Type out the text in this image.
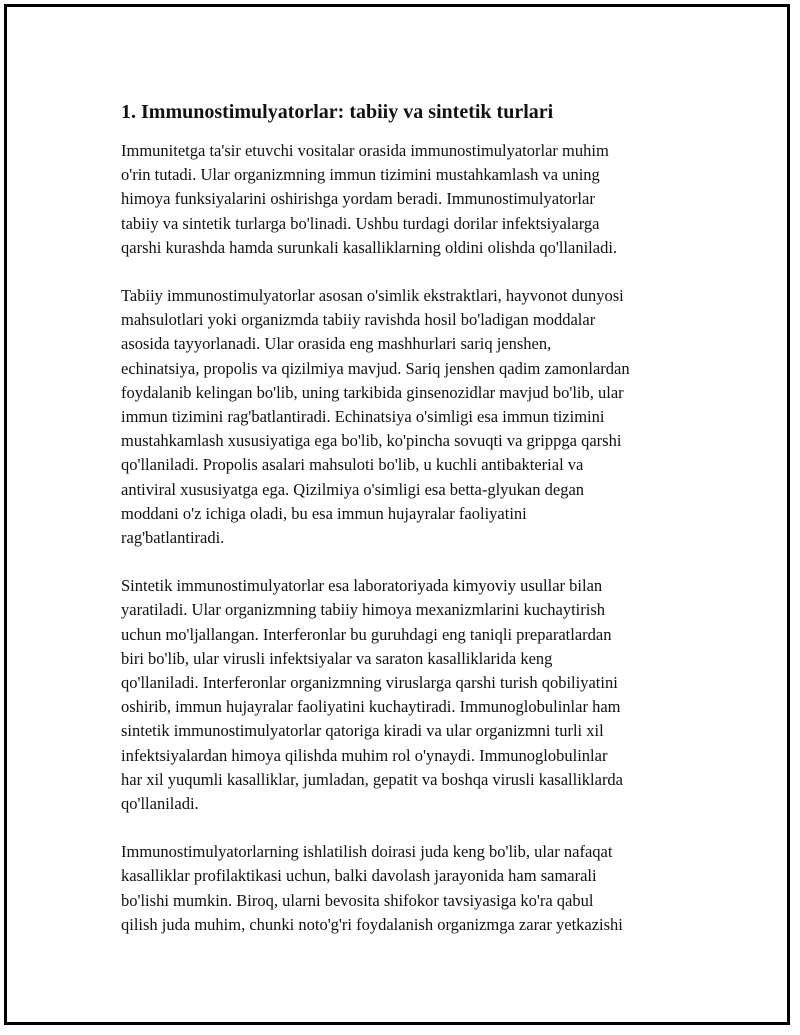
1. Immunostimulyatorlar: tabiiy va sintetik turlari

Immunitetga ta'sir etuvchi vositalar orasida immunostimulyatorlar muhim
o'rin tutadi. Ular organizmning immun tizimini mustahkamlash va uning
himoya funksiyalarini oshirishga yordam beradi. Immunostimulyatorlar
tabiiy va sintetik turlarga bo'linadi. Ushbu turdagi dorilar infektsiyalarga
qarshi kurashda hamda surunkali kasalliklarning oldini olishda qo'llaniladi.

Tabiiy immunostimulyatorlar asosan o'simlik ekstraktlari, hayvonot dunyosi
mahsulotlari yoki organizmda tabiiy ravishda hosil bo'ladigan moddalar
asosida tayyorlanadi. Ular orasida eng mashhurlari sariq jenshen,
echinatsiya, propolis va qizilmiya mavjud. Sariq jenshen qadim zamonlardan
foydalanib kelingan bo'lib, uning tarkibida ginsenozidlar mavjud bo'lib, ular
immun tizimini rag'batlantiradi. Echinatsiya o'simligi esa immun tizimini
mustahkamlash xususiyatiga ega bo'lib, ko'pincha sovuqti va grippga qarshi
qo'llaniladi. Propolis asalari mahsuloti bo'lib, u kuchli antibakterial va
antiviral xususiyatga ega. Qizilmiya o'simligi esa betta-glyukan degan
moddani o'z ichiga oladi, bu esa immun hujayralar faoliyatini
rag'batlantiradi.

Sintetik immunostimulyatorlar esa laboratoriyada kimyoviy usullar bilan
yaratiladi. Ular organizmning tabiiy himoya mexanizmlarini kuchaytirish
uchun mo'ljallangan. Interferonlar bu guruhdagi eng taniqli preparatlardan
biri bo'lib, ular virusli infektsiyalar va saraton kasalliklarida keng
qo'llaniladi. Interferonlar organizmning viruslarga qarshi turish qobiliyatini
oshirib, immun hujayralar faoliyatini kuchaytiradi. Immunoglobulinlar ham
sintetik immunostimulyatorlar qatoriga kiradi va ular organizmni turli xil
infektsiyalardan himoya qilishda muhim rol o'ynaydi. Immunoglobulinlar
har xil yuqumli kasalliklar, jumladan, gepatit va boshqa virusli kasalliklarda
qo'llaniladi.

Immunostimulyatorlarning ishlatilish doirasi juda keng bo'lib, ular nafaqat
kasalliklar profilaktikasi uchun, balki davolash jarayonida ham samarali
bo'lishi mumkin. Biroq, ularni bevosita shifokor tavsiyasiga ko'ra qabul
qilish juda muhim, chunki noto'g'ri foydalanish organizmga zarar yetkazishi
